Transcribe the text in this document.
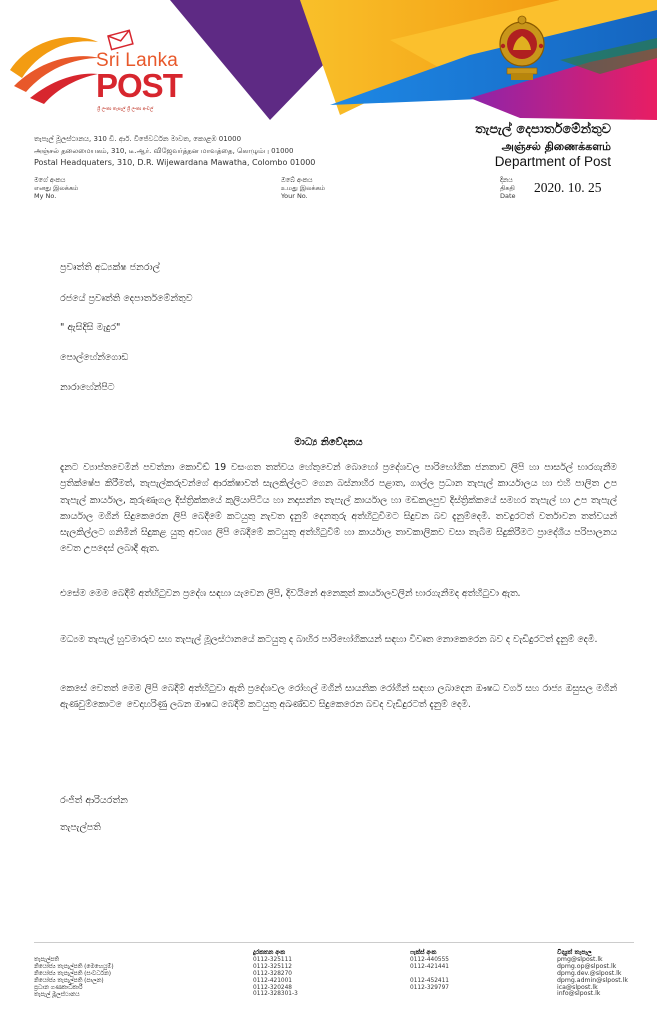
Sri Lanka
POST
ශ්‍රී ලංකා තැපැල් ශ්‍රී ලංකා අංචල්
තැපැල් මූලස්ථානය, 310 ඩී. ආර්. විජේවර්ධන මාවත, කොළඹ 01000
அஞ்சல் தலைமையகம், 310, டீ.ஆர். விஜேவர்த்தன மாவத்தை, கொழும்பு 01000
Postal Headquaters, 310, D.R. Wijewardana Mawatha, Colombo 01000
තැපැල් දෙපාර්තමේන්තුව
அஞ்சல் திணைக்களம்
Department of Post
මගේ අංකය
எனது இலக்கம்
My No.
ඔබේ අංකය
உமது இலக்கம்
Your No.
දිනය
திகதி
Date
2020. 10. 25
ප්‍රවෘත්ති අධ්‍යක්ෂ ජනරාල්
රජයේ ප්‍රවෘත්ති දෙපාර්තමේන්තුව
" ඇසිදිසි මැදුර"
පොල්හේන්ගොඩ
නාරාහේන්පිට
මාධ්‍ය නිවේදනය
දැනට ව්‍යාප්තවෙමින් පවත්නා කොවිඩ් 19 වසංගත තත්වය හේතුවෙන් බොහෝ ප්‍රදේශවල පාරිභෝගික ජනතාව ලිපි හා පාර්සල් භාරගැනීම ප්‍රතික්ෂේප කිරීමත්, තැපැල්කරුවන්ගේ ආරක්ෂාවත් සැලකිල්ලට ගෙන බස්නාහිර පළාත, ගාල්ල ප්‍රධාන තැපැල් කාර්යාලය හා එහි පාලිත උප තැපැල් කාර්යාල, කුරුණෑගල දිස්ත්‍රික්කයේ කුලියාපිටිය හා නදාසන්න තැපැල් කාර්යාල හා මඩකලපුව දිස්ත්‍රික්කයේ සමහර තැපැල් හා උප තැපැල් කාර්යාල මගින් සිදුකෙරෙන ලිපි බෙදීමේ කටයුතු නැවත දැනුම් දෙනතුරු අත්හිටුවීමට සිදුවන බව දැනුම්දෙමි. තවදුරටත් වර්තාවන තත්වයන් සැලකිල්ලට ගනිමින් සිදුකළ යුතු අවශ්‍ය ලිපි බෙදීමේ කටයුතු අත්හිටුවීම් හා කාර්යාල තාවකාලිකව වසා තැබීම සිදුකිරීමට ප්‍රාදේශීය පරිපාලනය වෙත උපදෙස් ලබාදී ඇත.
එසේම මෙම බෙදීම් අත්හිටුවන ප්‍රදේශ සඳහා යැවෙන ලිපි, දිවයිනේ අනෙකුත් කාර්යාලවලින් භාරගැනීමද අත්හිටුවා ඇත.
මධ්‍යම තැපැල් හුවමාරුව සහ තැපැල් මූලස්ථානයේ කටයුතු ද බාහිර පාරිභෝගිකයන් සඳහා විවෘත නොකෙරෙන බව ද වැඩිදුරටත් දැනුම් දෙමි.
කෙසේ වෙතත් මෙම ලිපි බෙදීම් අත්හිටුවා ඇති ප්‍රදේශවල රෝහල් මගින් සායනික රෝගීන් සඳහා ලබාදෙන ඖෂධ වර්ග සහ රාජ්‍ය ඔසුසල මගින් ඇණවුම්කොට ෙවෙදාහරිණු ලබන ඖෂධ බෙදීම් කටයුතු අඛණ්ඩව සිදුකෙරෙන බවද වැඩිදුරටත් දැනුම් දෙමි.
රංජිත් ආරියරත්න
තැපැල්පති
තැපැල්පති
නියෝජ්‍ය තැපැල්පති (මෙහෙයුම්)
නියෝජ්‍ය තැපැල්පති (සංවර්ධන)
නියෝජ්‍ය තැපැල්පති (පාලන)
ප්‍රධාන ගණකාධිකාරී
තැපැල් මූලස්ථානය
දුරකතන අංක
0112-325111
0112-325112
0112-328270
0112-421001
0112-320248
0112-328301-3
ෆැක්ස් අංක
0112-440555
0112-421441
0112-452411
0112-329797
විද්‍යුත් තැපෑල
pmg@slpost.lk
dpmg.op@slpost.lk
dpmg.dev.@slpost.lk
dpmg.admin@slpost.lk
ica@slpost.lk
info@slpost.lk
